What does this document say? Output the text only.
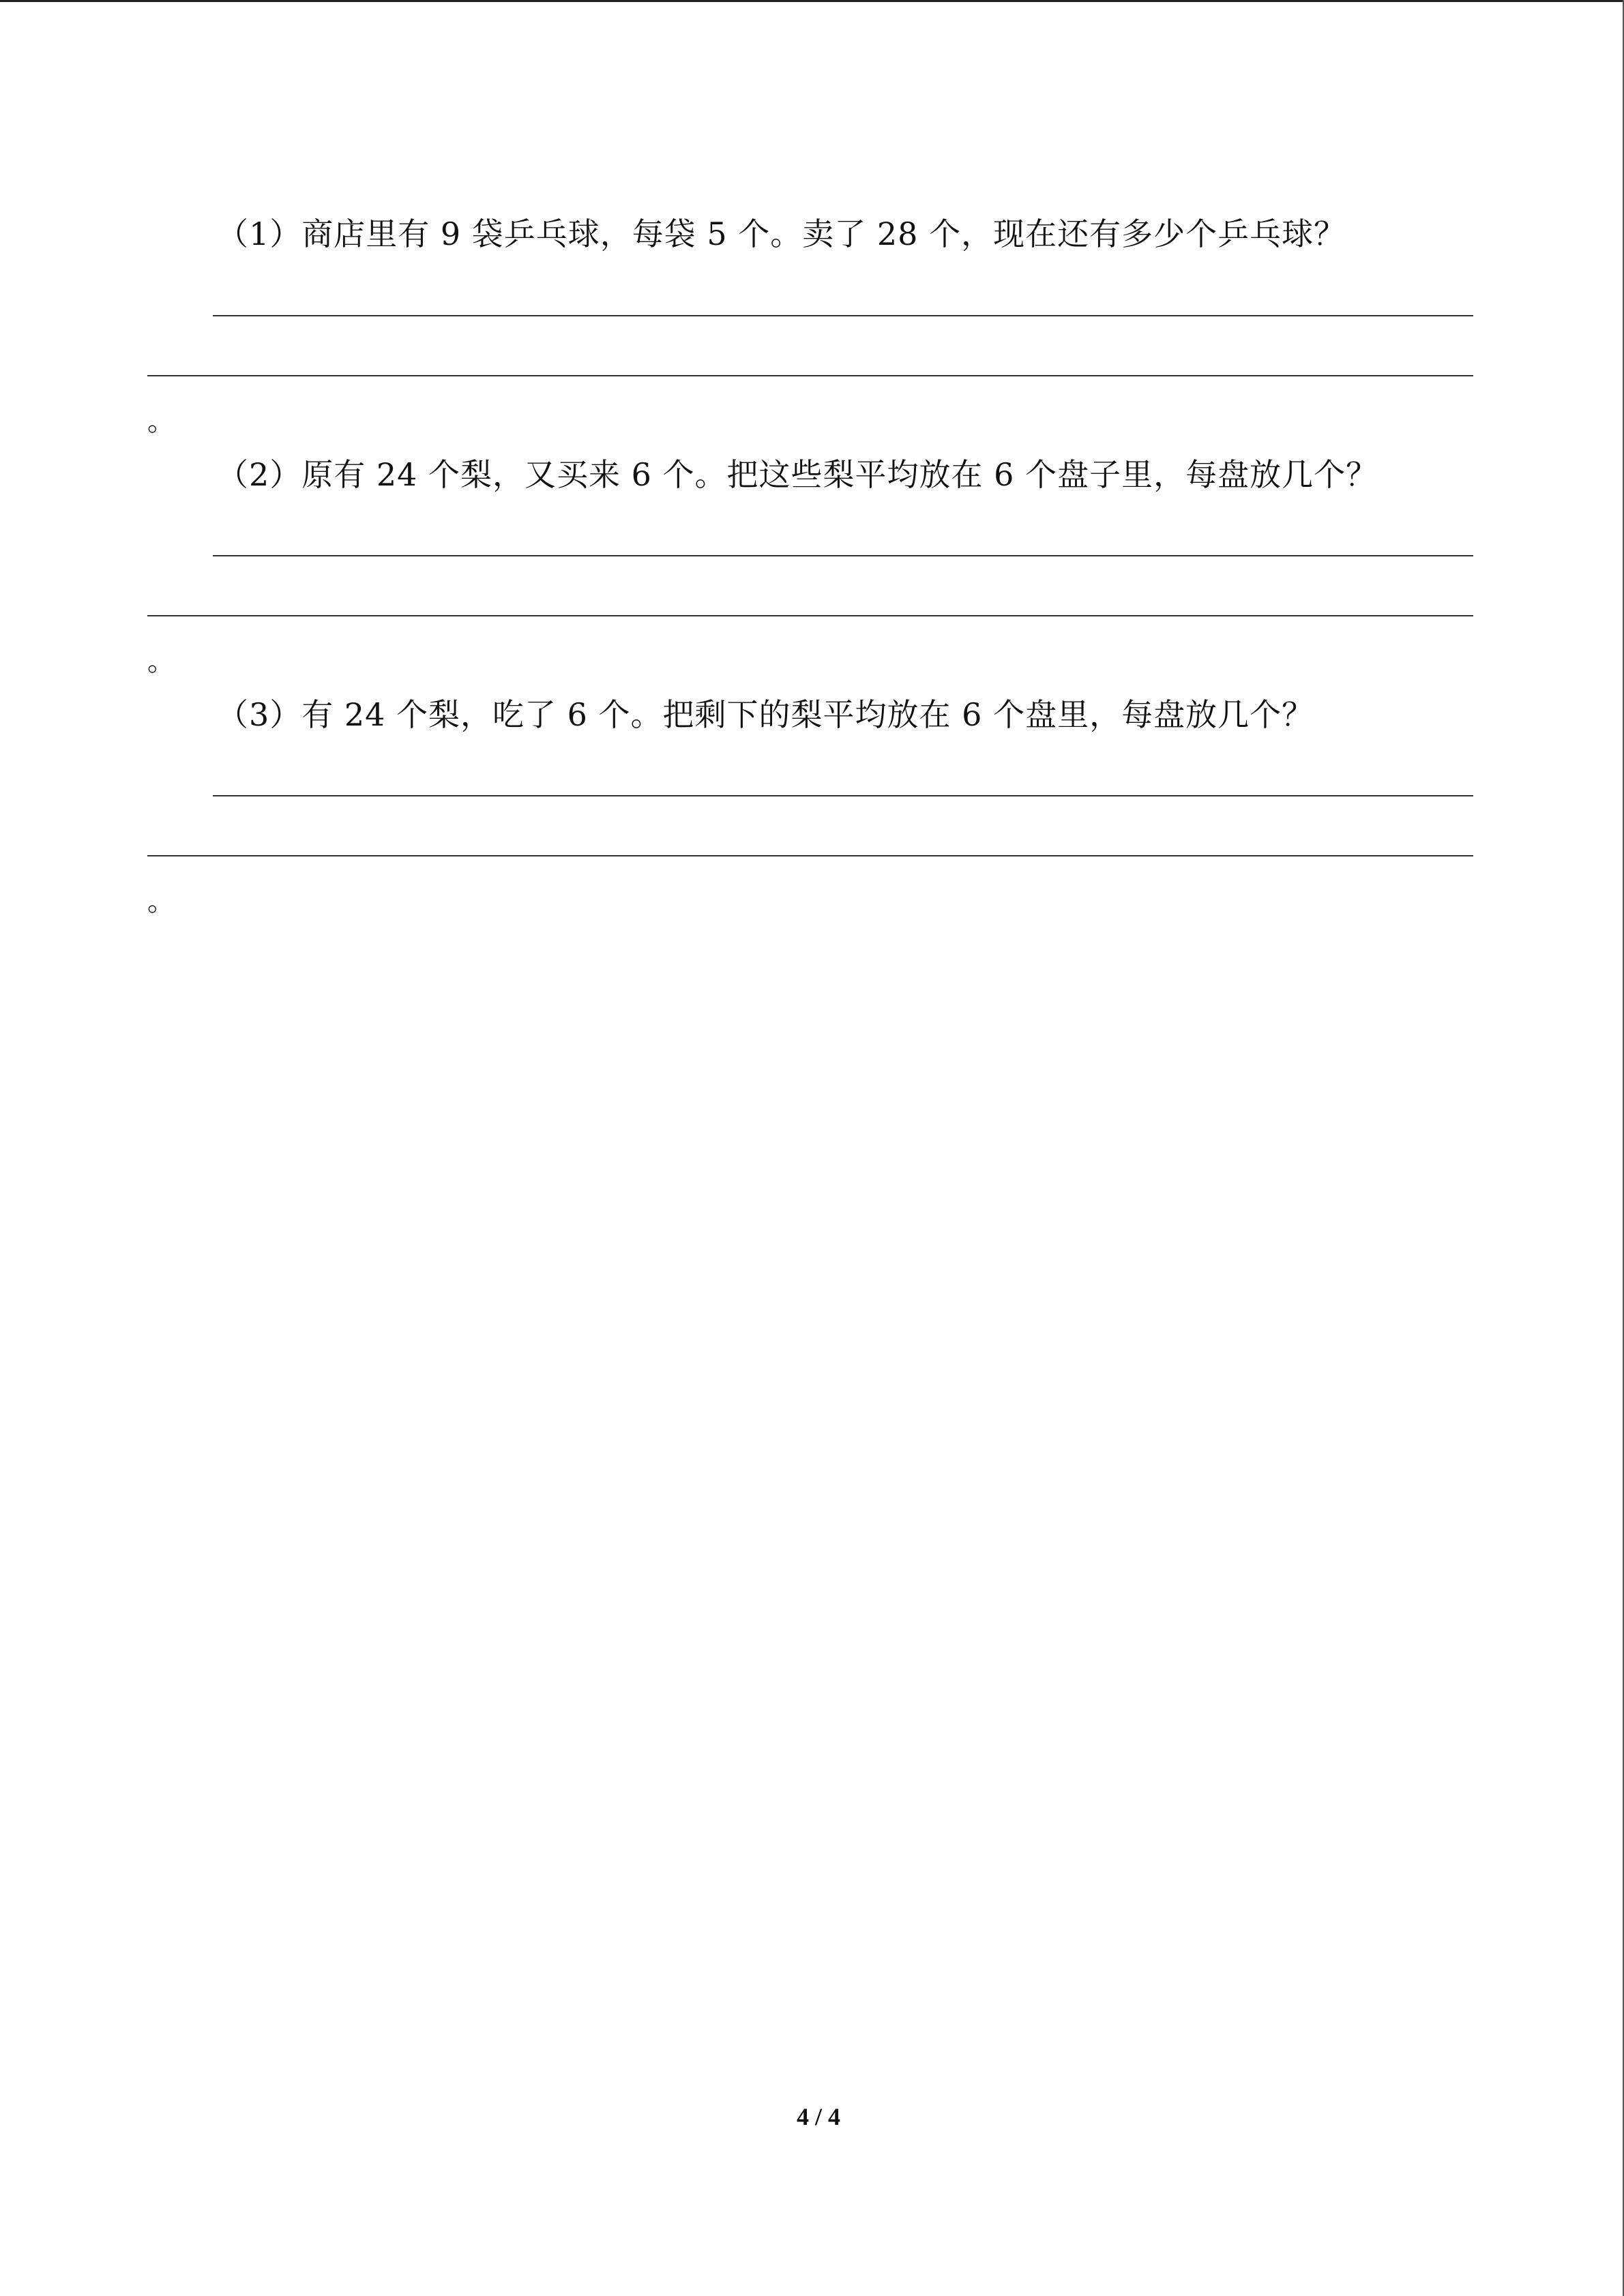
（1）商店里有 9 袋乒乓球，每袋 5 个。卖了 28 个，现在还有多少个乒乓球？
。
（2）原有 24 个梨，又买来 6 个。把这些梨平均放在 6 个盘子里，每盘放几个？
。
（3）有 24 个梨，吃了 6 个。把剩下的梨平均放在 6 个盘里，每盘放几个？
。
4 / 4
